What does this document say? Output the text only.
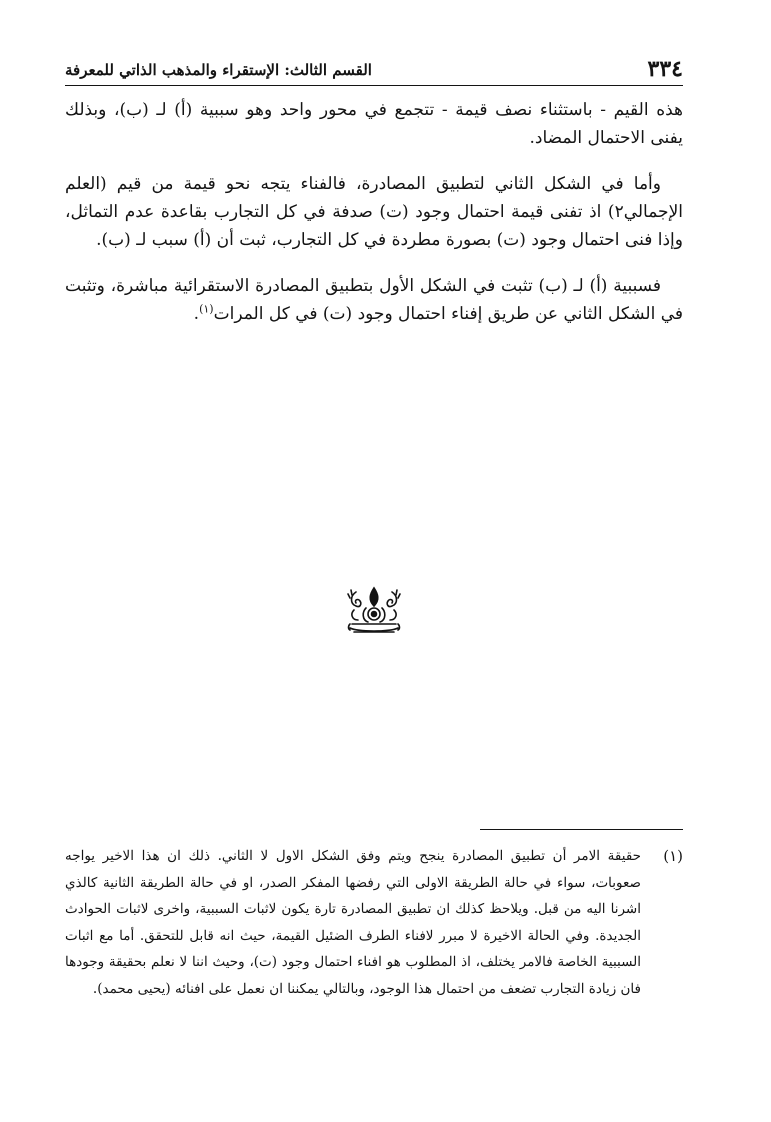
٣٣٤
القسم الثالث: الإستقراء والمذهب الذاتي للمعرفة

هذه القيم - باستثناء نصف قيمة - تتجمع في محور واحد وهو سببية (أ) لـ (ب)، وبذلك يفنى الاحتمال المضاد.

وأما في الشكل الثاني لتطبيق المصادرة، فالفناء يتجه نحو قيمة من قيم (العلم الإجمالي٢) اذ تفنى قيمة احتمال وجود (ت) صدفة في كل التجارب بقاعدة عدم التماثل، وإذا فنى احتمال وجود (ت) بصورة مطردة في كل التجارب، ثبت أن (أ) سبب لـ (ب).

فسببية (أ) لـ (ب) تثبت في الشكل الأول بتطبيق المصادرة الاستقرائية مباشرة، وتثبت في الشكل الثاني عن طريق إفناء احتمال وجود (ت) في كل المرات$^{(١)}$.

(١)
حقيقة الامر أن تطبيق المصادرة ينجح ويتم وفق الشكل الاول لا الثاني. ذلك ان هذا الاخير يواجه صعوبات، سواء في حالة الطريقة الاولى التي رفضها المفكر الصدر، او في حالة الطريقة الثانية كالذي اشرنا اليه من قبل. ويلاحظ كذلك ان تطبيق المصادرة تارة يكون لاثبات السببية، واخرى لاثبات الحوادث الجديدة. وفي الحالة الاخيرة لا مبرر لافناء الطرف الضئيل القيمة، حيث انه قابل للتحقق. أما مع اثبات السببية الخاصة فالامر يختلف، اذ المطلوب هو افناء احتمال وجود (ت)، وحيث اننا لا نعلم بحقيقة وجودها فان زيادة التجارب تضعف من احتمال هذا الوجود، وبالتالي يمكننا ان نعمل على افنائه (يحيى محمد).
